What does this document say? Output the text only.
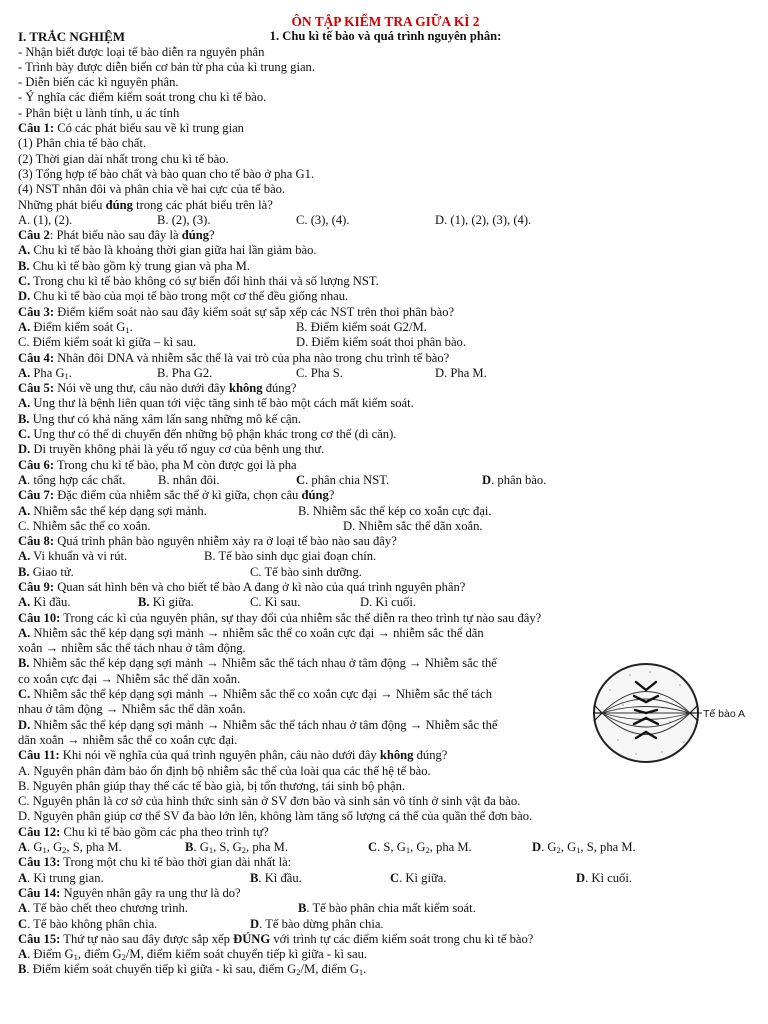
ÔN TẬP KIỂM TRA GIỮA KÌ 2
I. TRẮC NGHIỆM	1. Chu kì tế bào và quá trình nguyên phân:
- Nhận biết được loại tế bào diễn ra nguyên phân
- Trình bày được diễn biến cơ bản từ pha của kì trung gian.
- Diễn biến các kì nguyên phân.
- Ý nghĩa các điểm kiểm soát trong chu kì tế bào.
- Phân biệt u lành tính, u ác tính
Câu 1: Có các phát biểu sau về kì trung gian
(1) Phân chia tế bào chất.
(2) Thời gian dài nhất trong chu kì tế bào.
(3) Tổng hợp tế bào chất và bào quan cho tế bào ở pha G1.
(4) NST nhân đôi và phân chia về hai cực của tế bào.
Những phát biểu đúng trong các phát biểu trên là?
A. (1), (2).	B. (2), (3).	C. (3), (4).	D. (1), (2), (3), (4).
Câu 2: Phát biểu nào sau đây là đúng?
A. Chu kì tế bào là khoảng thời gian giữa hai lần giảm bào.
B. Chu kì tế bào gồm kỳ trung gian và pha M.
C. Trong chu kì tế bào không có sự biến đổi hình thái và số lượng NST.
D. Chu kì tế bào của mọi tế bào trong một cơ thể đều giống nhau.
Câu 3: Điểm kiểm soát nào sau đây kiểm soát sự sắp xếp các NST trên thoi phân bào?
A. Điểm kiểm soát $G_1$.	B. Điểm kiểm soát G2/M.
C. Điểm kiểm soát kì giữa – kì sau.	D. Điểm kiểm soát thoi phân bào.
Câu 4: Nhân đôi DNA và nhiễm sắc thể là vai trò của pha nào trong chu trình tế bào?
A. Pha $G_1$.	B. Pha G2.	C. Pha S.	D. Pha M.
Câu 5: Nói về ung thư, câu nào dưới đây không đúng?
A. Ung thư là bệnh liên quan tới việc tăng sinh tế bào một cách mất kiểm soát.
B. Ung thư có khả năng xâm lấn sang những mô kế cận.
C. Ung thư có thể di chuyển đến những bộ phận khác trong cơ thể (di căn).
D. Di truyền không phải là yếu tố nguy cơ của bệnh ung thư.
Câu 6: Trong chu kì tế bào, pha M còn được gọi là pha
A. tổng hợp các chất.	B. nhân đôi.	C. phân chia NST.	D. phân bào.
Câu 7: Đặc điểm của nhiễm sắc thể ở kì giữa, chọn câu đúng?
A. Nhiễm sắc thể kép dạng sợi mảnh.	B. Nhiễm sắc thể kép co xoắn cực đại.
C. Nhiễm sắc thể co xoắn.	D. Nhiễm sắc thể dãn xoắn.
Câu 8: Quá trình phân bào nguyên nhiễm xảy ra ở loại tế bào nào sau đây?
A. Vi khuẩn và vi rút.	B. Tế bào sinh dục giai đoạn chín.
B. Giao tử.	C. Tế bào sinh dưỡng.
Câu 9: Quan sát hình bên và cho biết tế bào A đang ở kì nào của quá trình nguyên phân?
A. Kì đầu.	B. Kì giữa.	C. Kì sau.	D. Kì cuối.
Câu 10: Trong các kì của nguyên phân, sự thay đổi của nhiễm sắc thể diễn ra theo trình tự nào sau đây?
A. Nhiễm sắc thể kép dạng sợi mảnh → nhiễm sắc thể co xoắn cực đại → nhiễm sắc thể dãn
xoắn → nhiễm sắc thể tách nhau ở tâm động.
B. Nhiễm sắc thể kép dạng sợi mảnh → Nhiễm sắc thể tách nhau ở tâm động → Nhiễm sắc thể
co xoắn cực đại → Nhiễm sắc thể dãn xoắn.
C. Nhiễm sắc thể kép dạng sợi mảnh → Nhiễm sắc thể co xoắn cực đại → Nhiễm sắc thể tách
nhau ở tâm động → Nhiễm sắc thể dãn xoắn.
D. Nhiễm sắc thể kép dạng sợi mảnh → Nhiễm sắc thể tách nhau ở tâm động → Nhiễm sắc thể
dãn xoắn → nhiễm sắc thể co xoắn cực đại.
Câu 11: Khi nói về nghĩa của quá trình nguyên phân, câu nào dưới đây không đúng?
A. Nguyên phân đảm bảo ổn định bộ nhiễm sắc thể của loài qua các thế hệ tế bào.
B. Nguyên phân giúp thay thế các tế bào già, bị tổn thương, tái sinh bộ phận.
C. Nguyên phân là cơ sở của hình thức sinh sản ở SV đơn bào và sinh sản vô tính ở sinh vật đa bào.
D. Nguyên phân giúp cơ thể SV đa bào lớn lên, không làm tăng số lượng cá thể của quần thể đơn bào.
Câu 12: Chu kì tế bào gồm các pha theo trình tự?
A. $G_1$, $G_2$, S, pha M.	B. $G_1$, S, $G_2$, pha M.	C. S, $G_1$, $G_2$, pha M.	D. $G_2$, $G_1$, S, pha M.
Câu 13: Trong một chu kì tế bào thời gian dài nhất là:
A. Kì trung gian.	B. Kì đầu.	C. Kì giữa.	D. Kì cuối.
Câu 14: Nguyên nhân gây ra ung thư là do?
A. Tế bào chết theo chương trình.	B. Tế bào phân chia mất kiểm soát.
C. Tế bào không phân chia.	D. Tế bào dừng phân chia.
Câu 15: Thứ tự nào sau đây được sắp xếp ĐÚNG với trình tự các điểm kiểm soát trong chu kì tế bào?
A. Điểm $G_1$, điểm $G_2/M$, điểm kiểm soát chuyển tiếp kì giữa - kì sau.
B. Điểm kiểm soát chuyển tiếp kì giữa - kì sau, điểm $G_2/M$, điểm $G_1$.
Tế bào A
